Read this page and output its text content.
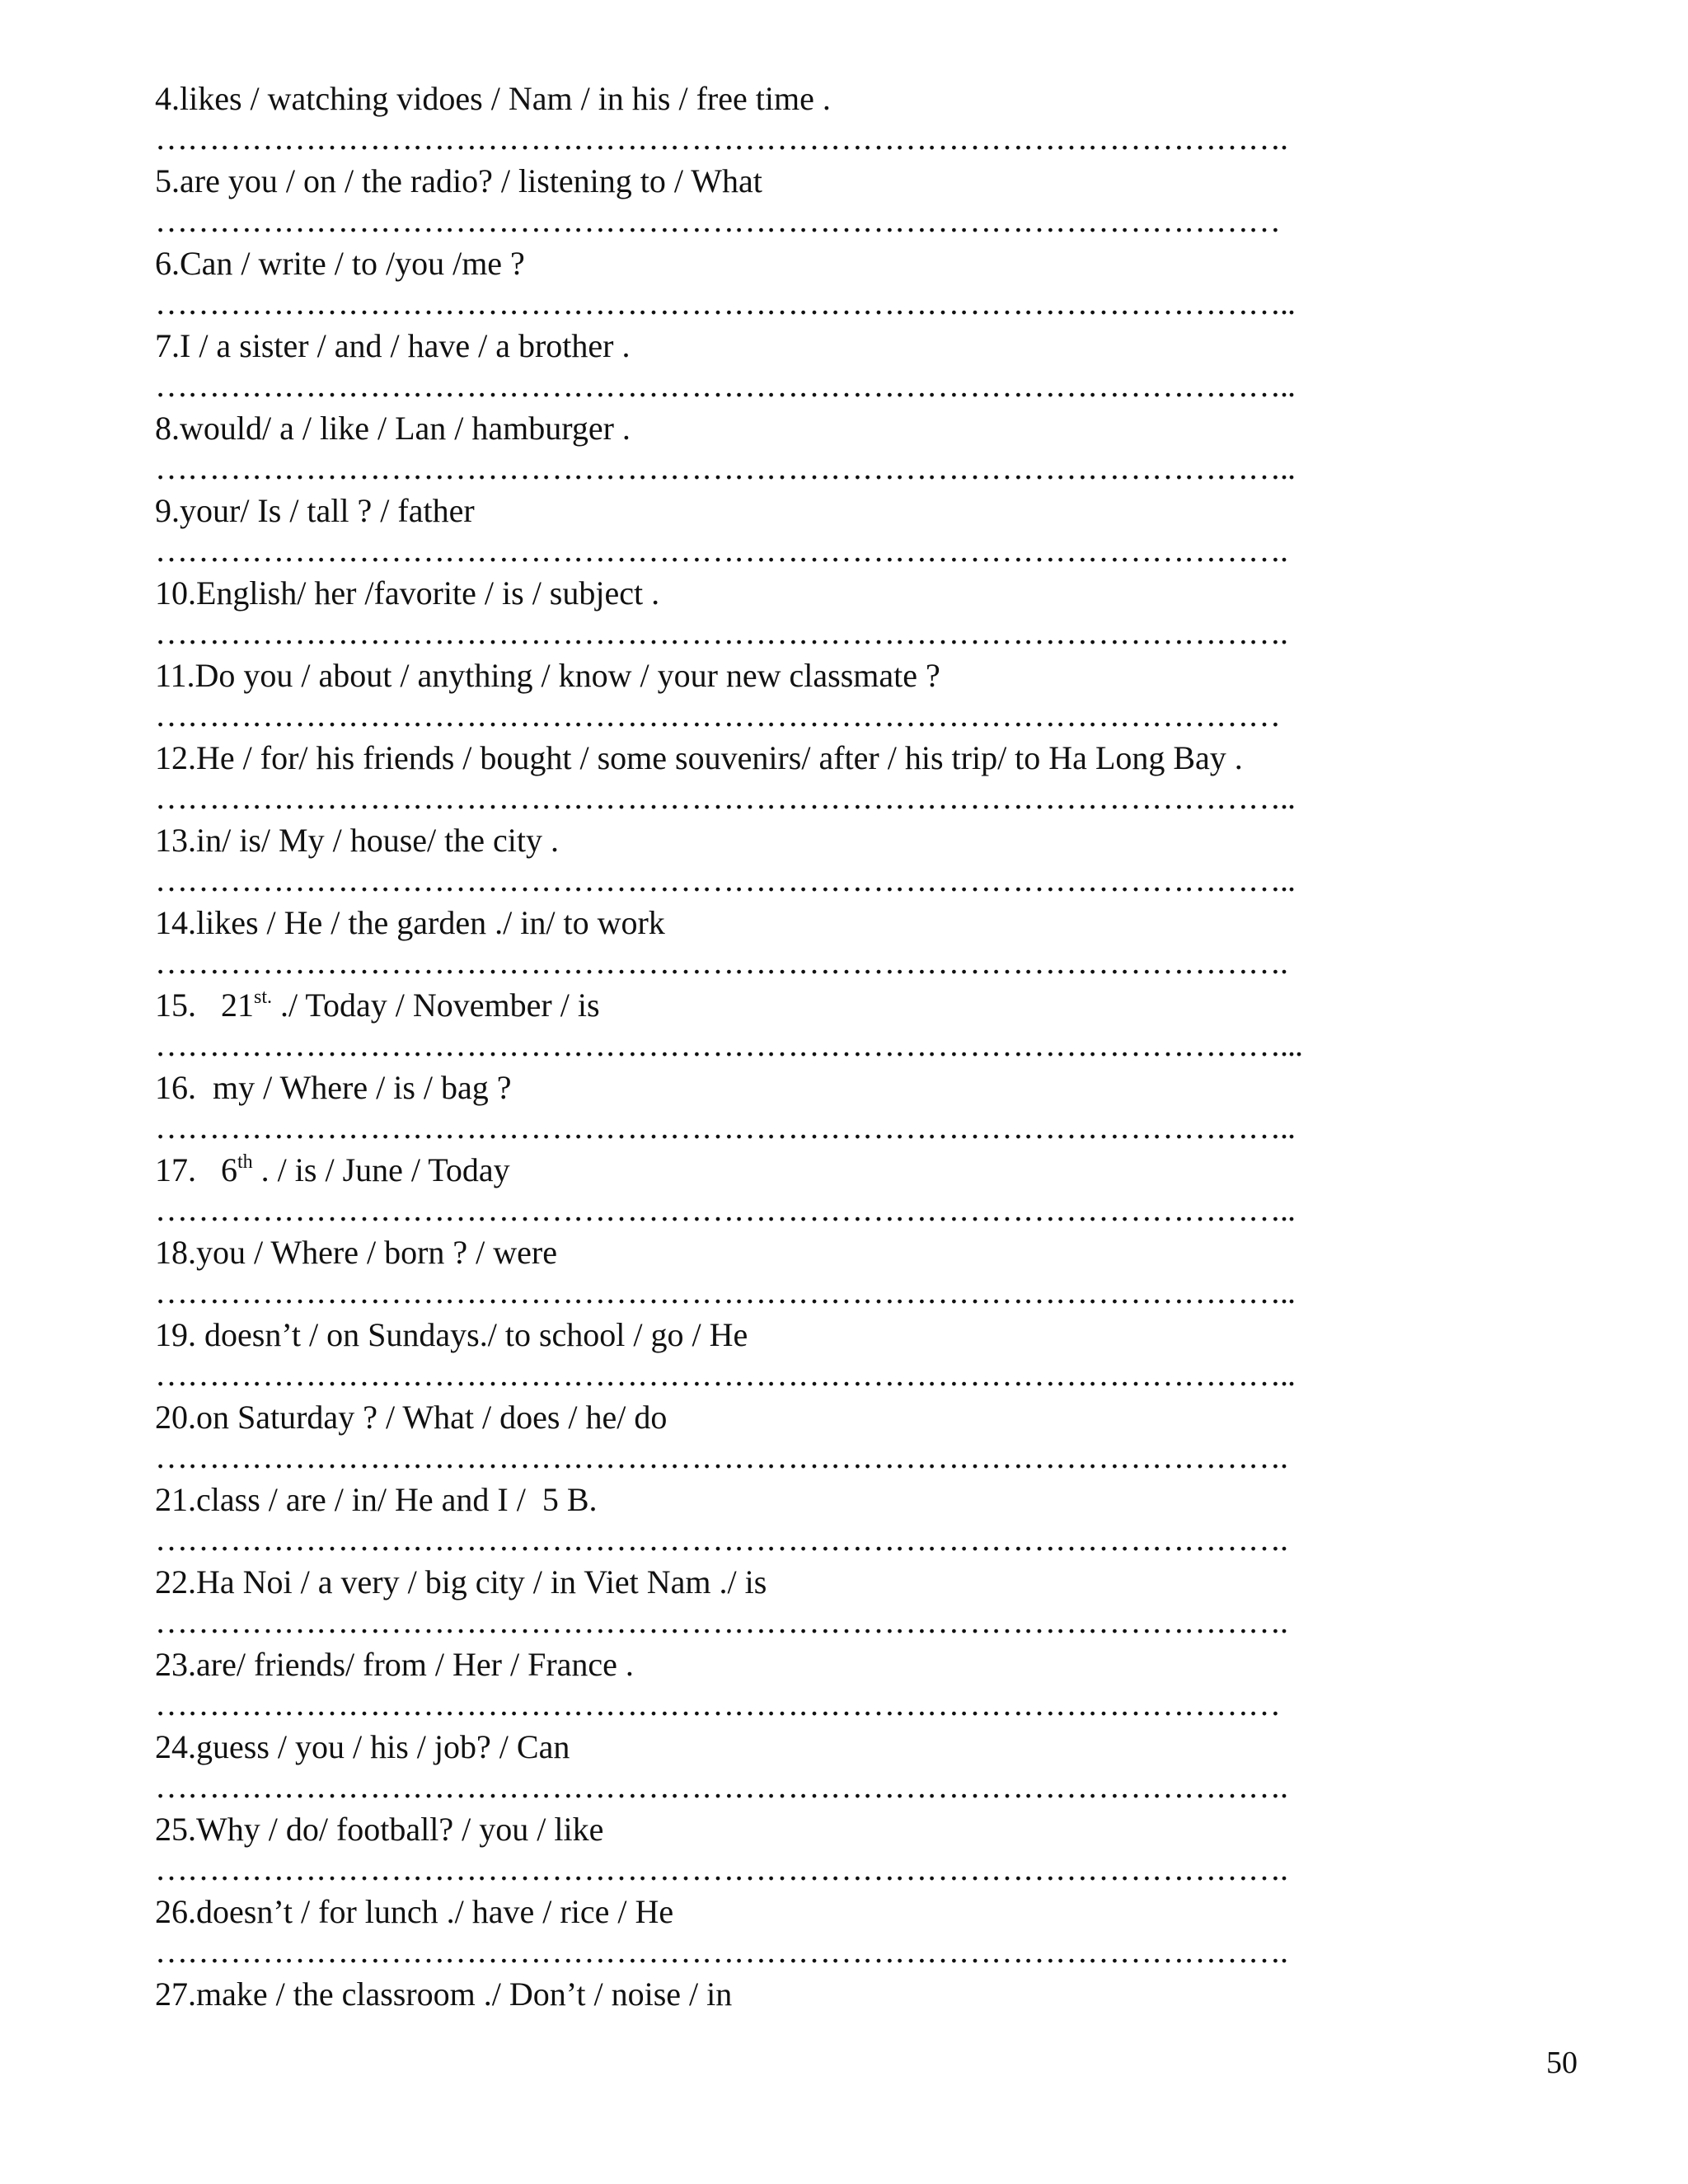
4.likes / watching vidoes / Nam / in his / free time .
…………………………………………………………………………………………….
5.are you / on / the radio? / listening to / What
……………………………………………………………………………………………
6.Can / write / to /you /me ?
……………………………………………………………………………………………..
7.I / a sister / and / have / a brother .
……………………………………………………………………………………………..
8.would/ a / like / Lan / hamburger .
……………………………………………………………………………………………..
9.your/ Is / tall ? / father
…………………………………………………………………………………………….
10.English/ her /favorite / is / subject .
…………………………………………………………………………………………….
11.Do you / about / anything / know / your new classmate ?
……………………………………………………………………………………………
12.He / for/ his friends / bought / some souvenirs/ after / his trip/ to Ha Long Bay .
……………………………………………………………………………………………..
13.in/ is/ My / house/ the city .
……………………………………………………………………………………………..
14.likes / He / the garden ./ in/ to work
…………………………………………………………………………………………….
15.   $21^{st.}$ ./ Today / November / is
……………………………………………………………………………………………...
16.  my / Where / is / bag ?
……………………………………………………………………………………………..
17.   6th . / is / June / Today
……………………………………………………………………………………………..
18.you / Where / born ? / were
……………………………………………………………………………………………..
19. doesn’t / on Sundays./ to school / go / He
……………………………………………………………………………………………..
20.on Saturday ? / What / does / he/ do
…………………………………………………………………………………………….
21.class / are / in/ He and I /  5 B.
…………………………………………………………………………………………….
22.Ha Noi / a very / big city / in Viet Nam ./ is
…………………………………………………………………………………………….
23.are/ friends/ from / Her / France .
……………………………………………………………………………………………
24.guess / you / his / job? / Can
…………………………………………………………………………………………….
25.Why / do/ football? / you / like
…………………………………………………………………………………………….
26.doesn’t / for lunch ./ have / rice / He
…………………………………………………………………………………………….
27.make / the classroom ./ Don’t / noise / in
50
